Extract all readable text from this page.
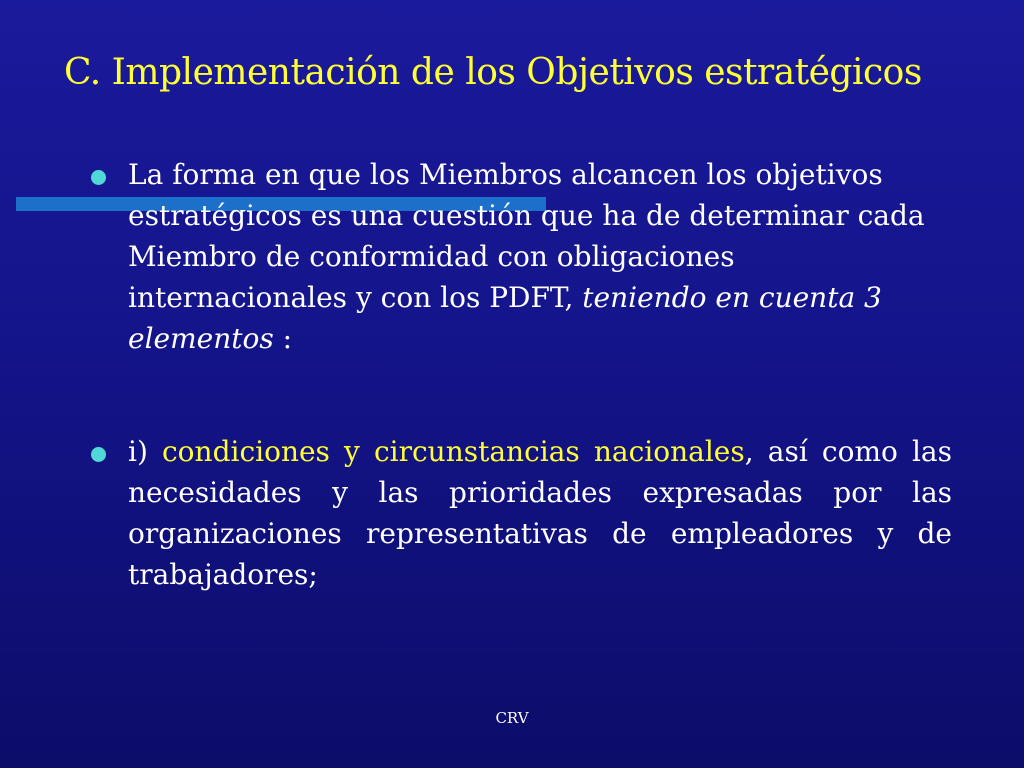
C. Implementación de los Objetivos estratégicos

La forma en que los Miembros alcancen los objetivos estratégicos es una cuestión que ha de determinar cada Miembro de conformidad con obligaciones internacionales y con los PDFT, teniendo en cuenta 3 elementos :

i) condiciones y circunstancias nacionales, así como las necesidades y las prioridades expresadas por las organizaciones representativas de empleadores y de trabajadores;

CRV
